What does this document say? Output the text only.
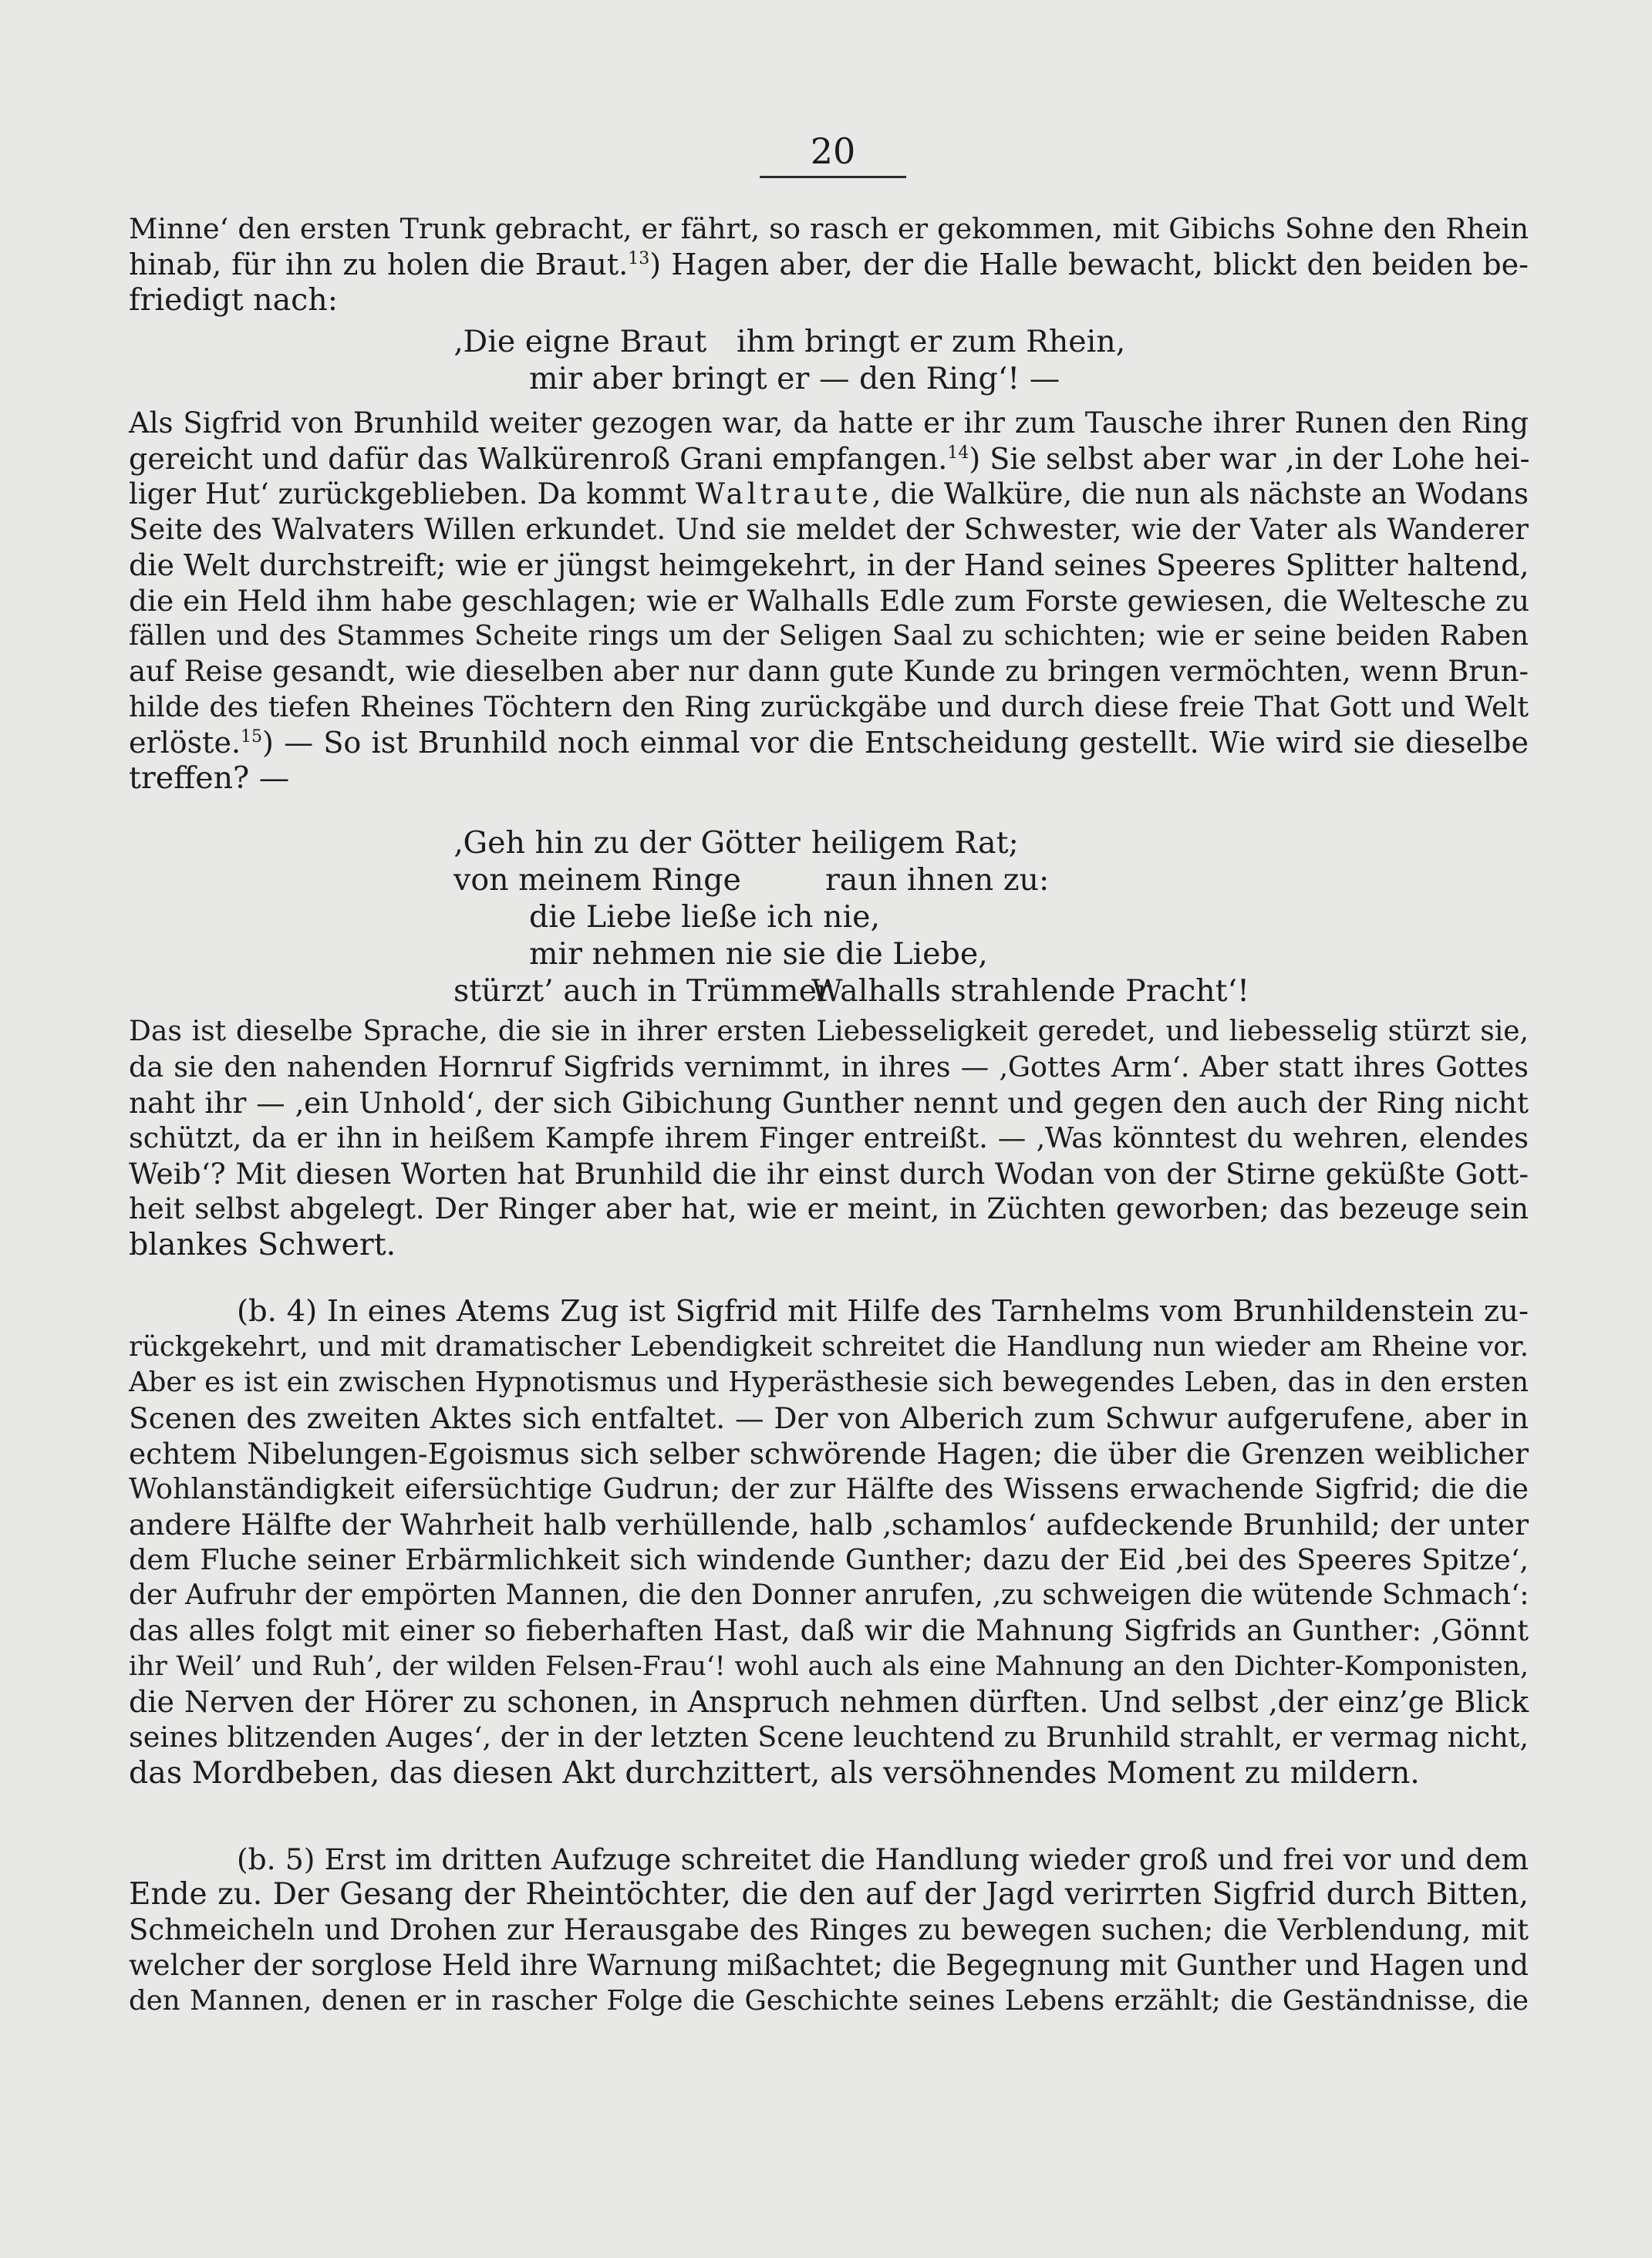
20
Minne‘ den ersten Trunk gebracht, er fährt, so rasch er gekommen, mit Gibichs Sohne den Rhein
hinab, für ihn zu holen die Braut.$^{13}$) Hagen aber, der die Halle bewacht, blickt den beiden be-
friedigt nach:
‚Die eigne Braut ihm bringt er zum Rhein,
mir aber bringt er — den Ring‘! —
Als Sigfrid von Brunhild weiter gezogen war, da hatte er ihr zum Tausche ihrer Runen den Ring
gereicht und dafür das Walkürenroß Grani empfangen.$^{14}$) Sie selbst aber war ‚in der Lohe hei-
liger Hut‘ zurückgeblieben. Da kommt Waltraute, die Walküre, die nun als nächste an Wodans
Seite des Walvaters Willen erkundet. Und sie meldet der Schwester, wie der Vater als Wanderer
die Welt durchstreift; wie er jüngst heimgekehrt, in der Hand seines Speeres Splitter haltend,
die ein Held ihm habe geschlagen; wie er Walhalls Edle zum Forste gewiesen, die Weltesche zu
fällen und des Stammes Scheite rings um der Seligen Saal zu schichten; wie er seine beiden Raben
auf Reise gesandt, wie dieselben aber nur dann gute Kunde zu bringen vermöchten, wenn Brun-
hilde des tiefen Rheines Töchtern den Ring zurückgäbe und durch diese freie That Gott und Welt
erlöste.$^{15}$) — So ist Brunhild noch einmal vor die Entscheidung gestellt. Wie wird sie dieselbe
treffen? —
‚Geh hin zu der Götter heiligem Rat;
von meinem Ringe	raun ihnen zu:
die Liebe ließe ich nie,
mir nehmen nie sie die Liebe,
stürzt’ auch in Trümmer
Walhalls strahlende Pracht‘!
Das ist dieselbe Sprache, die sie in ihrer ersten Liebesseligkeit geredet, und liebesselig stürzt sie,
da sie den nahenden Hornruf Sigfrids vernimmt, in ihres — ‚Gottes Arm‘. Aber statt ihres Gottes
naht ihr — ‚ein Unhold‘, der sich Gibichung Gunther nennt und gegen den auch der Ring nicht
schützt, da er ihn in heißem Kampfe ihrem Finger entreißt. — ‚Was könntest du wehren, elendes
Weib‘? Mit diesen Worten hat Brunhild die ihr einst durch Wodan von der Stirne geküßte Gott-
heit selbst abgelegt. Der Ringer aber hat, wie er meint, in Züchten geworben; das bezeuge sein
blankes Schwert.
(b. 4) In eines Atems Zug ist Sigfrid mit Hilfe des Tarnhelms vom Brunhildenstein zu-
rückgekehrt, und mit dramatischer Lebendigkeit schreitet die Handlung nun wieder am Rheine vor.
Aber es ist ein zwischen Hypnotismus und Hyperästhesie sich bewegendes Leben, das in den ersten
Scenen des zweiten Aktes sich entfaltet. — Der von Alberich zum Schwur aufgerufene, aber in
echtem Nibelungen-Egoismus sich selber schwörende Hagen; die über die Grenzen weiblicher
Wohlanständigkeit eifersüchtige Gudrun; der zur Hälfte des Wissens erwachende Sigfrid; die die
andere Hälfte der Wahrheit halb verhüllende, halb ‚schamlos‘ aufdeckende Brunhild; der unter
dem Fluche seiner Erbärmlichkeit sich windende Gunther; dazu der Eid ‚bei des Speeres Spitze‘,
der Aufruhr der empörten Mannen, die den Donner anrufen, ‚zu schweigen die wütende Schmach‘:
das alles folgt mit einer so fieberhaften Hast, daß wir die Mahnung Sigfrids an Gunther: ‚Gönnt
ihr Weil’ und Ruh’, der wilden Felsen-Frau‘! wohl auch als eine Mahnung an den Dichter-Komponisten,
die Nerven der Hörer zu schonen, in Anspruch nehmen dürften. Und selbst ‚der einz’ge Blick
seines blitzenden Auges‘, der in der letzten Scene leuchtend zu Brunhild strahlt, er vermag nicht,
das Mordbeben, das diesen Akt durchzittert, als versöhnendes Moment zu mildern.
(b. 5) Erst im dritten Aufzuge schreitet die Handlung wieder groß und frei vor und dem
Ende zu. Der Gesang der Rheintöchter, die den auf der Jagd verirrten Sigfrid durch Bitten,
Schmeicheln und Drohen zur Herausgabe des Ringes zu bewegen suchen; die Verblendung, mit
welcher der sorglose Held ihre Warnung mißachtet; die Begegnung mit Gunther und Hagen und
den Mannen, denen er in rascher Folge die Geschichte seines Lebens erzählt; die Geständnisse, die
